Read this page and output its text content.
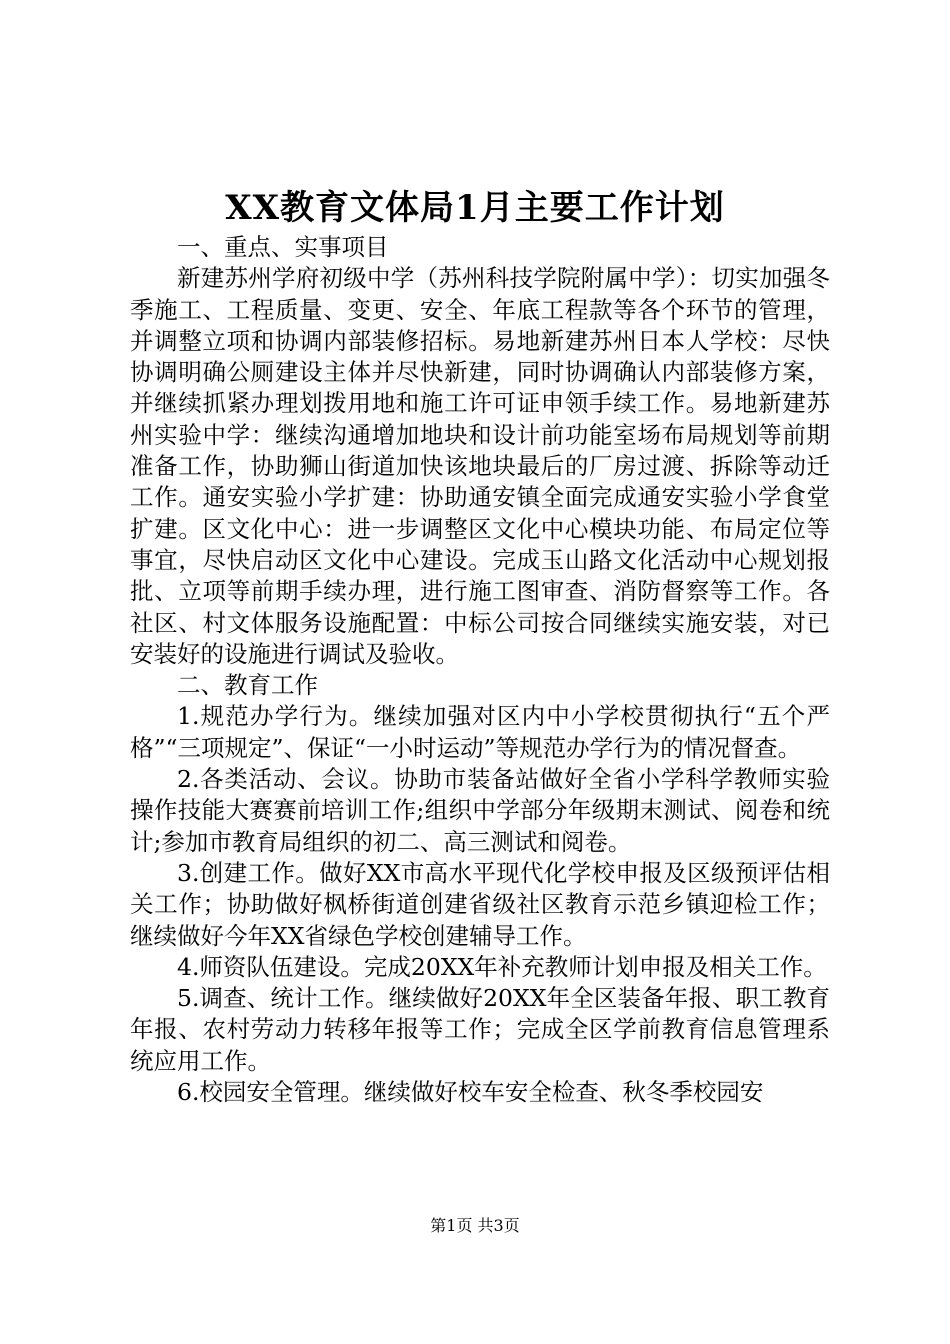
XX教育文体局1月主要工作计划

一、重点、实事项目

新建苏州学府初级中学（苏州科技学院附属中学）：切实加强冬季施工、工程质量、变更、安全、年底工程款等各个环节的管理，并调整立项和协调内部装修招标。易地新建苏州日本人学校：尽快协调明确公厕建设主体并尽快新建，同时协调确认内部装修方案，并继续抓紧办理划拨用地和施工许可证申领手续工作。易地新建苏州实验中学：继续沟通增加地块和设计前功能室场布局规划等前期准备工作，协助狮山街道加快该地块最后的厂房过渡、拆除等动迁工作。通安实验小学扩建：协助通安镇全面完成通安实验小学食堂扩建。区文化中心：进一步调整区文化中心模块功能、布局定位等事宜，尽快启动区文化中心建设。完成玉山路文化活动中心规划报批、立项等前期手续办理，进行施工图审查、消防督察等工作。各社区、村文体服务设施配置：中标公司按合同继续实施安装，对已安装好的设施进行调试及验收。

二、教育工作

1.规范办学行为。继续加强对区内中小学校贯彻执行“五个严格”“三项规定”、保证“一小时运动”等规范办学行为的情况督查。

2.各类活动、会议。协助市装备站做好全省小学科学教师实验操作技能大赛赛前培训工作;组织中学部分年级期末测试、阅卷和统计;参加市教育局组织的初二、高三测试和阅卷。

3.创建工作。做好XX市高水平现代化学校申报及区级预评估相关工作；协助做好枫桥街道创建省级社区教育示范乡镇迎检工作；继续做好今年XX省绿色学校创建辅导工作。

4.师资队伍建设。完成20XX年补充教师计划申报及相关工作。

5.调查、统计工作。继续做好20XX年全区装备年报、职工教育年报、农村劳动力转移年报等工作；完成全区学前教育信息管理系统应用工作。

6.校园安全管理。继续做好校车安全检查、秋冬季校园安

第1页 共3页
